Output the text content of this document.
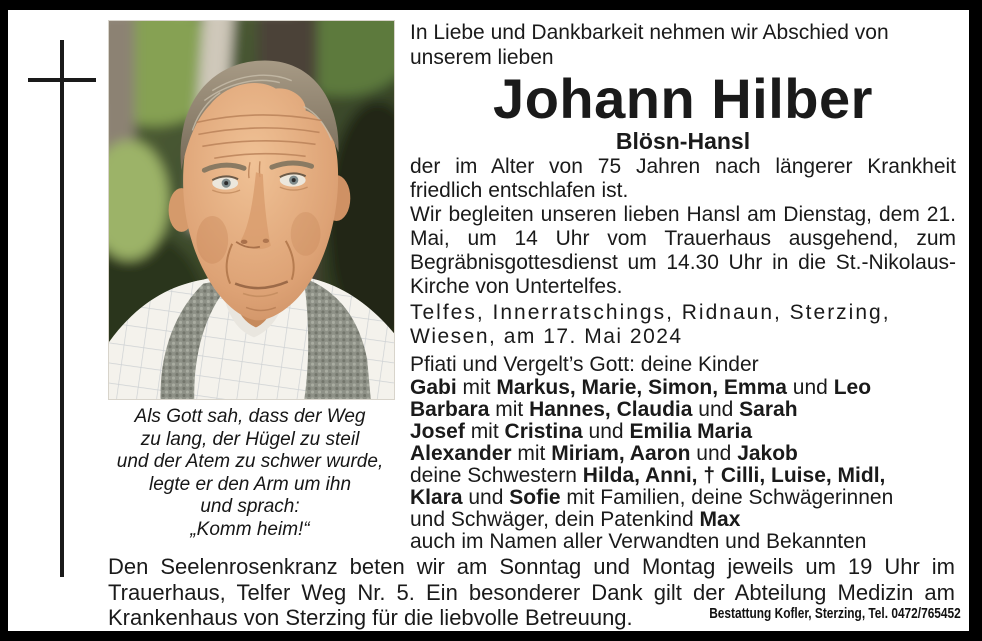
Als Gott sah, dass der Weg
zu lang, der Hügel zu steil
und der Atem zu schwer wurde,
legte er den Arm um ihn
und sprach:
„Komm heim!“

In Liebe und Dankbarkeit nehmen wir Abschied von unserem lieben

Johann Hilber
Blösn-Hansl

der im Alter von 75 Jahren nach längerer Krankheit friedlich entschlafen ist.

Wir begleiten unseren lieben Hansl am Dienstag, dem 21. Mai, um 14 Uhr vom Trauerhaus ausgehend, zum Begräbnisgottesdienst um 14.30 Uhr in die St.-Nikolaus-Kirche von Untertelfes.

Telfes, Innerratschings, Ridnaun, Sterzing,
Wiesen, am 17. Mai 2024

Pfiati und Vergelt’s Gott: deine Kinder

Gabi mit Markus, Marie, Simon, Emma und Leo
Barbara mit Hannes, Claudia und Sarah
Josef mit Cristina und Emilia Maria
Alexander mit Miriam, Aaron und Jakob
deine Schwestern Hilda, Anni, † Cilli, Luise, Midl,
Klara und Sofie mit Familien, deine Schwägerinnen
und Schwäger, dein Patenkind Max
auch im Namen aller Verwandten und Bekannten

Den Seelenrosenkranz beten wir am Sonntag und Montag jeweils um 19 Uhr im Trauerhaus, Telfer Weg Nr. 5. Ein besonderer Dank gilt der Abteilung Medizin am Krankenhaus von Sterzing für die liebvolle Betreuung.	Bestattung Kofler, Sterzing, Tel. 0472/765452
